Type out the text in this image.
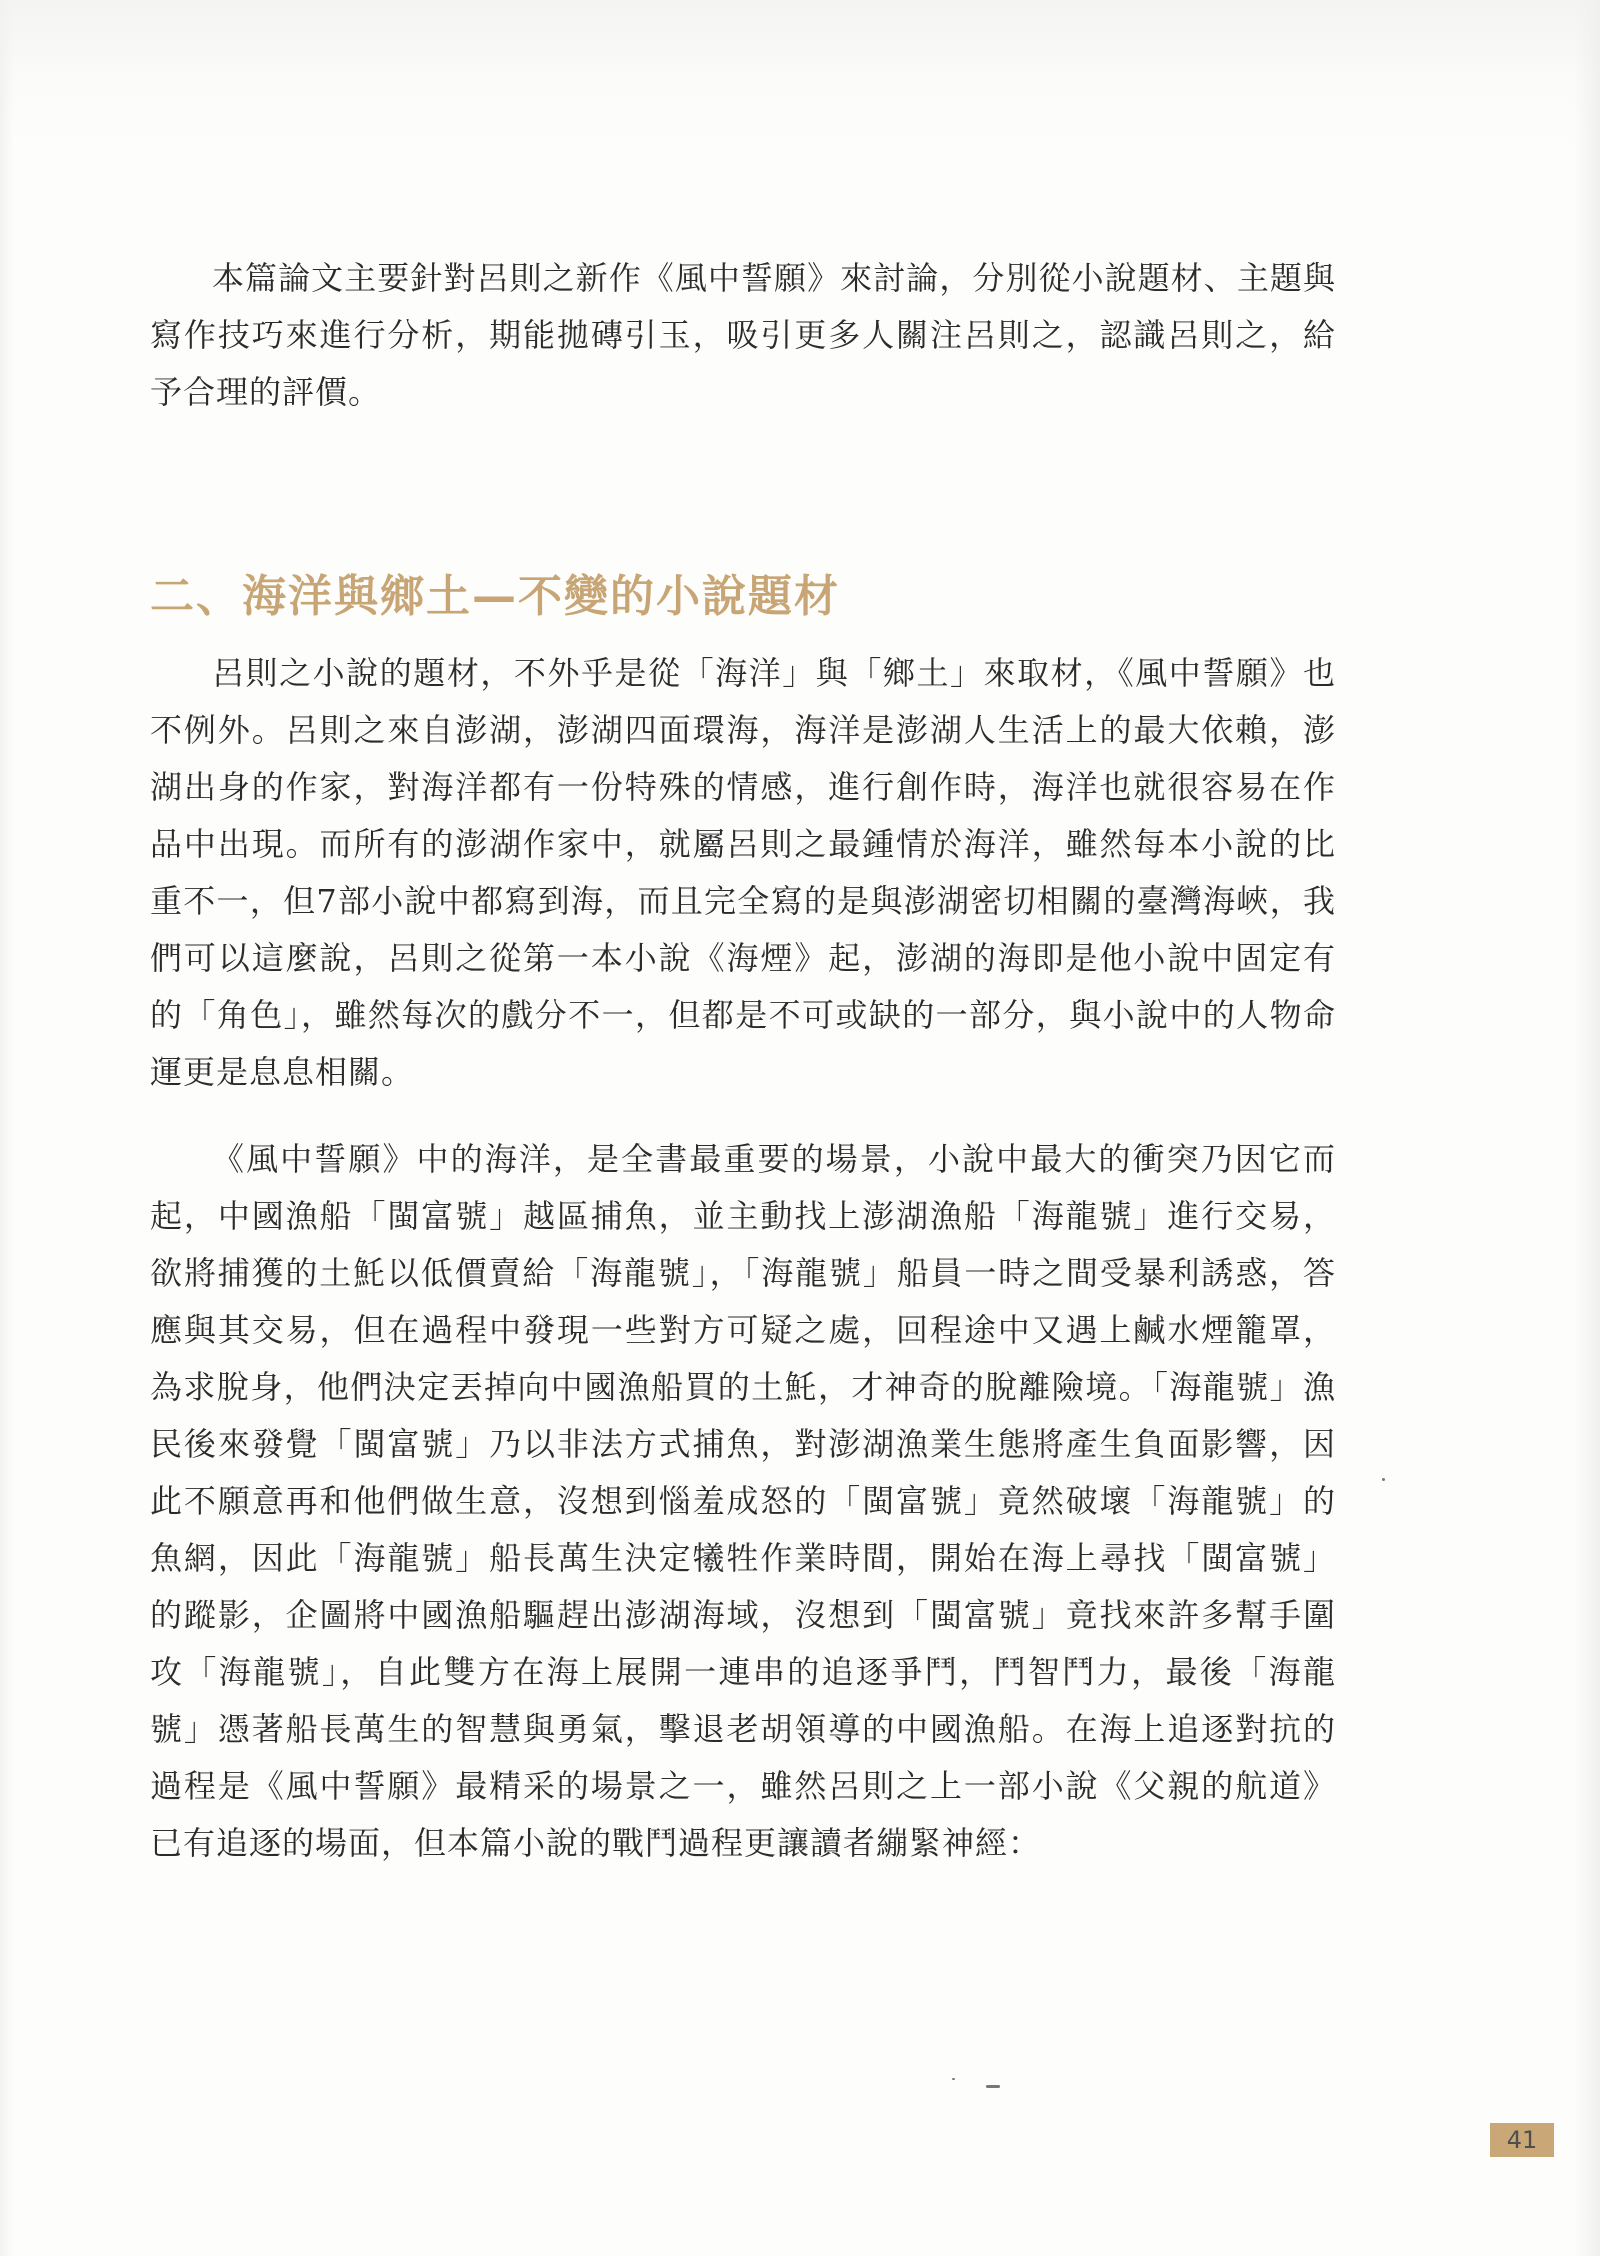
本篇論文主要針對呂則之新作《風中誓願》來討論，分別從小說題材、主題與寫作技巧來進行分析，期能拋磚引玉，吸引更多人關注呂則之，認識呂則之，給予合理的評價。

二、海洋與鄉土—不變的小說題材

呂則之小說的題材，不外乎是從「海洋」與「鄉土」來取材，《風中誓願》也不例外。呂則之來自澎湖，澎湖四面環海，海洋是澎湖人生活上的最大依賴，澎湖出身的作家，對海洋都有一份特殊的情感，進行創作時，海洋也就很容易在作品中出現。而所有的澎湖作家中，就屬呂則之最鍾情於海洋，雖然每本小說的比重不一，但7部小說中都寫到海，而且完全寫的是與澎湖密切相關的臺灣海峽，我們可以這麼說，呂則之從第一本小說《海煙》起，澎湖的海即是他小說中固定有的「角色」，雖然每次的戲分不一，但都是不可或缺的一部分，與小說中的人物命運更是息息相關。

《風中誓願》中的海洋，是全書最重要的場景，小說中最大的衝突乃因它而起，中國漁船「閩富號」越區捕魚，並主動找上澎湖漁船「海龍號」進行交易，欲將捕獲的土魠以低價賣給「海龍號」，「海龍號」船員一時之間受暴利誘惑，答應與其交易，但在過程中發現一些對方可疑之處，回程途中又遇上鹹水煙籠罩，為求脫身，他們決定丟掉向中國漁船買的土魠，才神奇的脫離險境。「海龍號」漁民後來發覺「閩富號」乃以非法方式捕魚，對澎湖漁業生態將產生負面影響，因此不願意再和他們做生意，沒想到惱羞成怒的「閩富號」竟然破壞「海龍號」的魚網，因此「海龍號」船長萬生決定犧牲作業時間，開始在海上尋找「閩富號」的蹤影，企圖將中國漁船驅趕出澎湖海域，沒想到「閩富號」竟找來許多幫手圍攻「海龍號」，自此雙方在海上展開一連串的追逐爭鬥，鬥智鬥力，最後「海龍號」憑著船長萬生的智慧與勇氣，擊退老胡領導的中國漁船。在海上追逐對抗的過程是《風中誓願》最精采的場景之一，雖然呂則之上一部小說《父親的航道》已有追逐的場面，但本篇小說的戰鬥過程更讓讀者繃緊神經：

41
